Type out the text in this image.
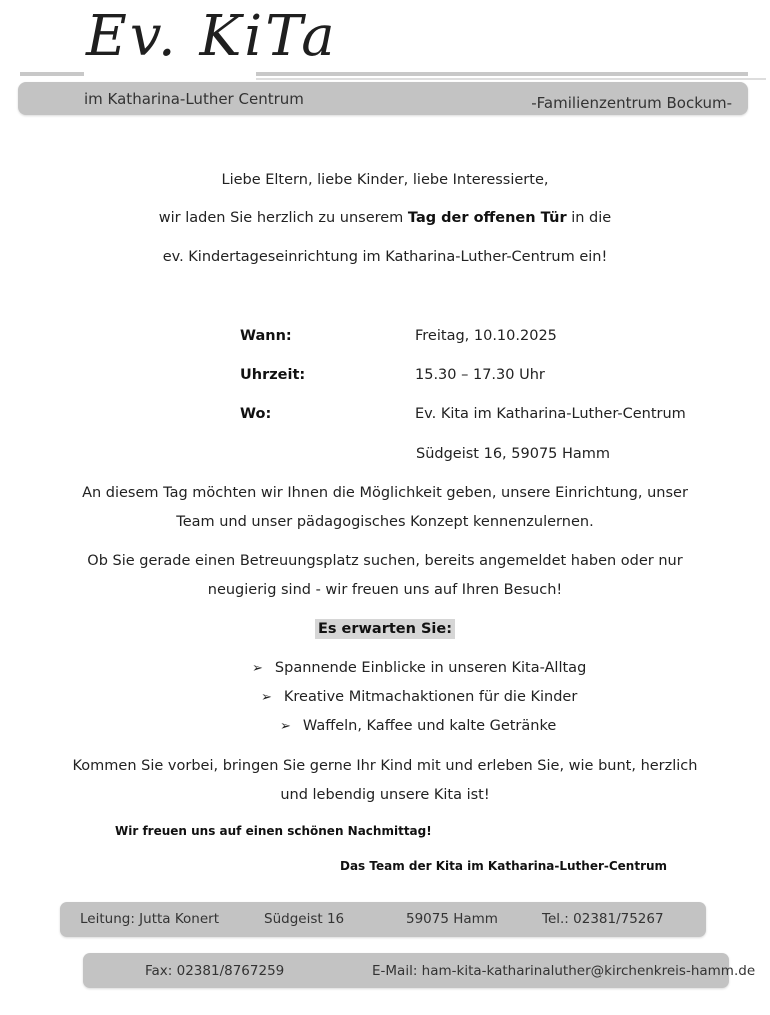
Ev. KiTa
im Katharina-Luther Centrum	-Familienzentrum Bockum-
Liebe Eltern, liebe Kinder, liebe Interessierte,
wir laden Sie herzlich zu unserem Tag der offenen Tür in die
ev. Kindertageseinrichtung im Katharina-Luther-Centrum ein!
Wann:	Freitag, 10.10.2025
Uhrzeit:	15.30 – 17.30 Uhr
Wo:	Ev. Kita im Katharina-Luther-Centrum
Südgeist 16, 59075 Hamm
An diesem Tag möchten wir Ihnen die Möglichkeit geben, unsere Einrichtung, unser
Team und unser pädagogisches Konzept kennenzulernen.
Ob Sie gerade einen Betreuungsplatz suchen, bereits angemeldet haben oder nur
neugierig sind - wir freuen uns auf Ihren Besuch!
Es erwarten Sie:
➢ Spannende Einblicke in unseren Kita-Alltag
➢ Kreative Mitmachaktionen für die Kinder
➢ Waffeln, Kaffee und kalte Getränke
Kommen Sie vorbei, bringen Sie gerne Ihr Kind mit und erleben Sie, wie bunt, herzlich
und lebendig unsere Kita ist!
Wir freuen uns auf einen schönen Nachmittag!
Das Team der Kita im Katharina-Luther-Centrum
Leitung: Jutta Konert	Südgeist 16	59075 Hamm	Tel.: 02381/75267
Fax: 02381/8767259	E-Mail: ham-kita-katharinaluther@kirchenkreis-hamm.de
